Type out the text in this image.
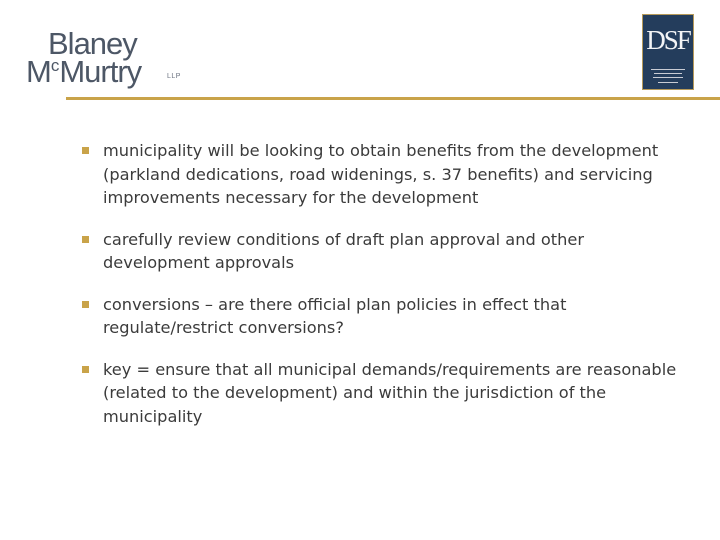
Blaney
$M^cMurtry$	LLP
DSF
municipality will be looking to obtain benefits from the development (parkland dedications, road widenings, s. 37 benefits) and servicing improvements necessary for the development
carefully review conditions of draft plan approval and other development approvals
conversions – are there official plan policies in effect that regulate/restrict conversions?
key = ensure that all municipal demands/requirements are reasonable (related to the development) and within the jurisdiction of the municipality
